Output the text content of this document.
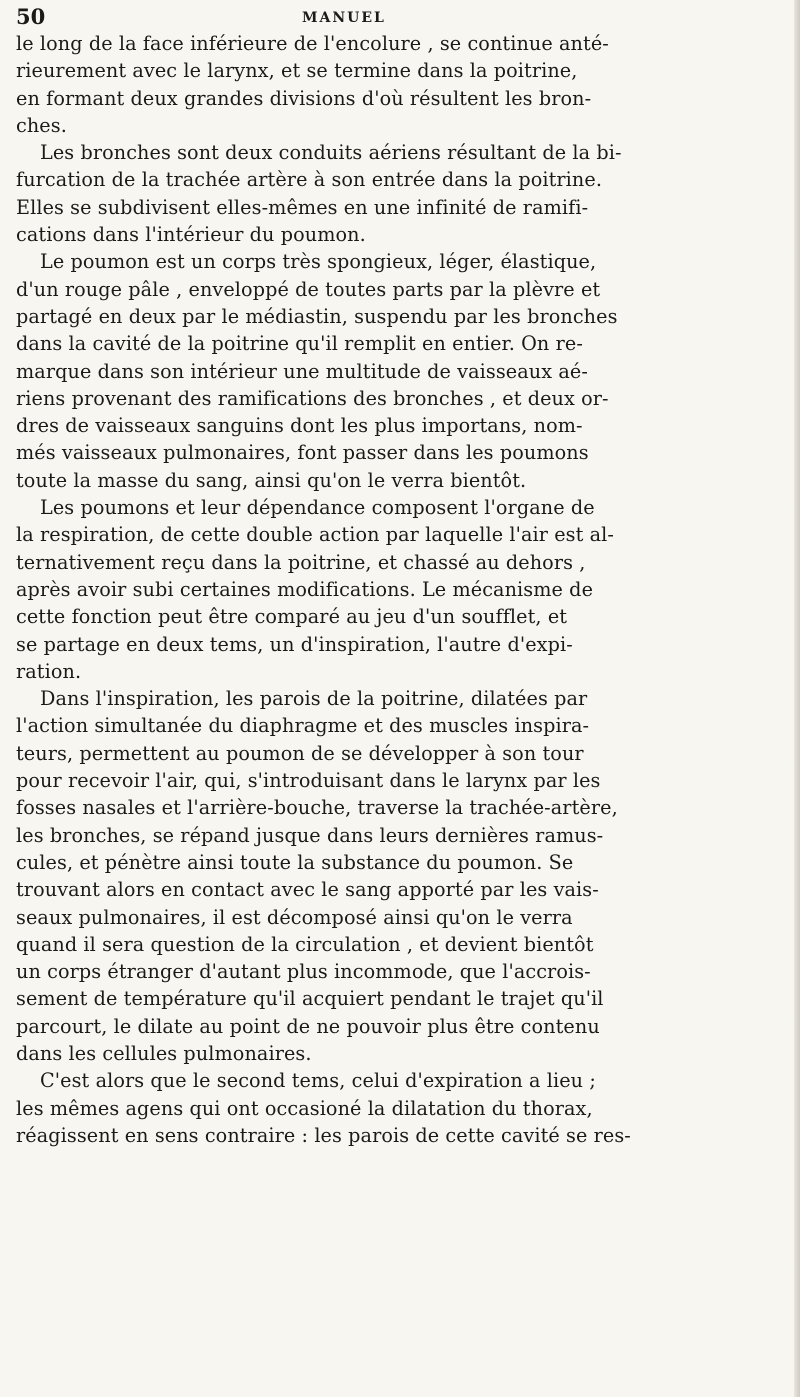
50	MANUEL
le long de la face inférieure de l'encolure , se continue anté-
rieurement avec le larynx, et se termine dans la poitrine,
en formant deux grandes divisions d'où résultent les bron-
ches.
Les bronches sont deux conduits aériens résultant de la bi-
furcation de la trachée artère à son entrée dans la poitrine.
Elles se subdivisent elles-mêmes en une infinité de ramifi-
cations dans l'intérieur du poumon.
Le poumon est un corps très spongieux, léger, élastique,
d'un rouge pâle , enveloppé de toutes parts par la plèvre et
partagé en deux par le médiastin, suspendu par les bronches
dans la cavité de la poitrine qu'il remplit en entier. On re-
marque dans son intérieur une multitude de vaisseaux aé-
riens provenant des ramifications des bronches , et deux or-
dres de vaisseaux sanguins dont les plus importans, nom-
més vaisseaux pulmonaires, font passer dans les poumons
toute la masse du sang, ainsi qu'on le verra bientôt.
Les poumons et leur dépendance composent l'organe de
la respiration, de cette double action par laquelle l'air est al-
ternativement reçu dans la poitrine, et chassé au dehors ,
après avoir subi certaines modifications. Le mécanisme de
cette fonction peut être comparé au jeu d'un soufflet, et
se partage en deux tems, un d'inspiration, l'autre d'expi-
ration.
Dans l'inspiration, les parois de la poitrine, dilatées par
l'action simultanée du diaphragme et des muscles inspira-
teurs, permettent au poumon de se développer à son tour
pour recevoir l'air, qui, s'introduisant dans le larynx par les
fosses nasales et l'arrière-bouche, traverse la trachée-artère,
les bronches, se répand jusque dans leurs dernières ramus-
cules, et pénètre ainsi toute la substance du poumon. Se
trouvant alors en contact avec le sang apporté par les vais-
seaux pulmonaires, il est décomposé ainsi qu'on le verra
quand il sera question de la circulation , et devient bientôt
un corps étranger d'autant plus incommode, que l'accrois-
sement de température qu'il acquiert pendant le trajet qu'il
parcourt, le dilate au point de ne pouvoir plus être contenu
dans les cellules pulmonaires.
C'est alors que le second tems, celui d'expiration a lieu ;
les mêmes agens qui ont occasioné la dilatation du thorax,
réagissent en sens contraire : les parois de cette cavité se res-
